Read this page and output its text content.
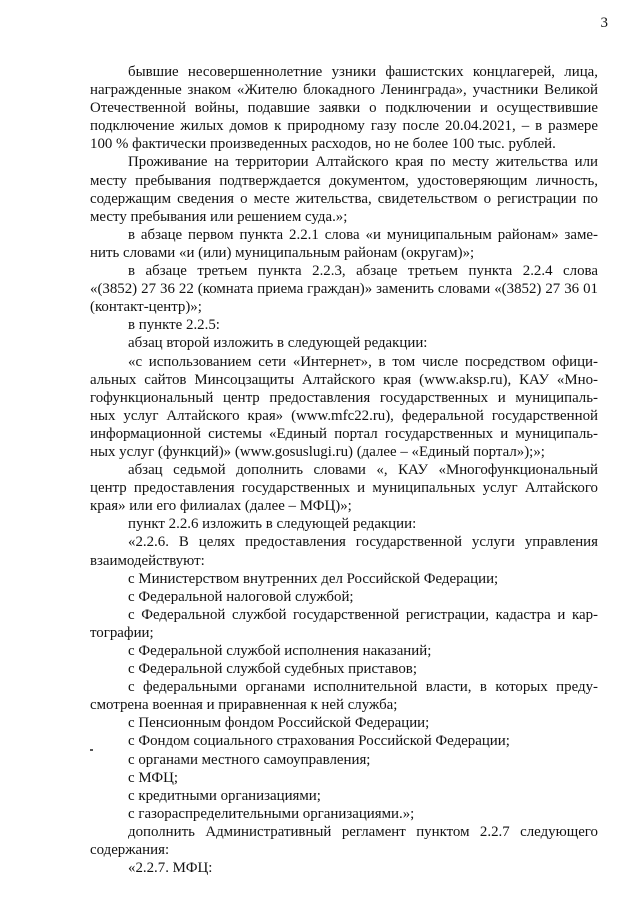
3
бывшие несовершеннолетние узники фашистских концлагерей, лица,
награжденные знаком «Жителю блокадного Ленинграда», участники Великой
Отечественной войны, подавшие заявки о подключении и осуществившие
подключение жилых домов к природному газу после 20.04.2021, – в размере
100 % фактически произведенных расходов, но не более 100 тыс. рублей.
Проживание на территории Алтайского края по месту жительства или
месту пребывания подтверждается документом, удостоверяющим личность,
содержащим сведения о месте жительства, свидетельством о регистрации по
месту пребывания или решением суда.»;
в абзаце первом пункта 2.2.1 слова «и муниципальным районам» заме-
нить словами «и (или) муниципальным районам (округам)»;
в абзаце третьем пункта 2.2.3, абзаце третьем пункта 2.2.4 слова
«(3852) 27 36 22 (комната приема граждан)» заменить словами «(3852) 27 36 01
(контакт-центр)»;
в пункте 2.2.5:
абзац второй изложить в следующей редакции:
«с использованием сети «Интернет», в том числе посредством офици-
альных сайтов Минсоцзащиты Алтайского края (www.aksp.ru), КАУ «Мно-
гофункциональный центр предоставления государственных и муниципаль-
ных услуг Алтайского края» (www.mfc22.ru), федеральной государственной
информационной системы «Единый портал государственных и муниципаль-
ных услуг (функций)» (www.gosuslugi.ru) (далее – «Единый портал»);»;
абзац седьмой дополнить словами «, КАУ «Многофункциональный
центр предоставления государственных и муниципальных услуг Алтайского
края» или его филиалах (далее – МФЦ)»;
пункт 2.2.6 изложить в следующей редакции:
«2.2.6. В целях предоставления государственной услуги управления
взаимодействуют:
с Министерством внутренних дел Российской Федерации;
с Федеральной налоговой службой;
с Федеральной службой государственной регистрации, кадастра и кар-
тографии;
с Федеральной службой исполнения наказаний;
с Федеральной службой судебных приставов;
с федеральными органами исполнительной власти, в которых преду-
смотрена военная и приравненная к ней служба;
с Пенсионным фондом Российской Федерации;
с Фондом социального страхования Российской Федерации;
с органами местного самоуправления;
с МФЦ;
с кредитными организациями;
с газораспределительными организациями.»;
дополнить Административный регламент пунктом 2.2.7 следующего
содержания:
«2.2.7. МФЦ:
